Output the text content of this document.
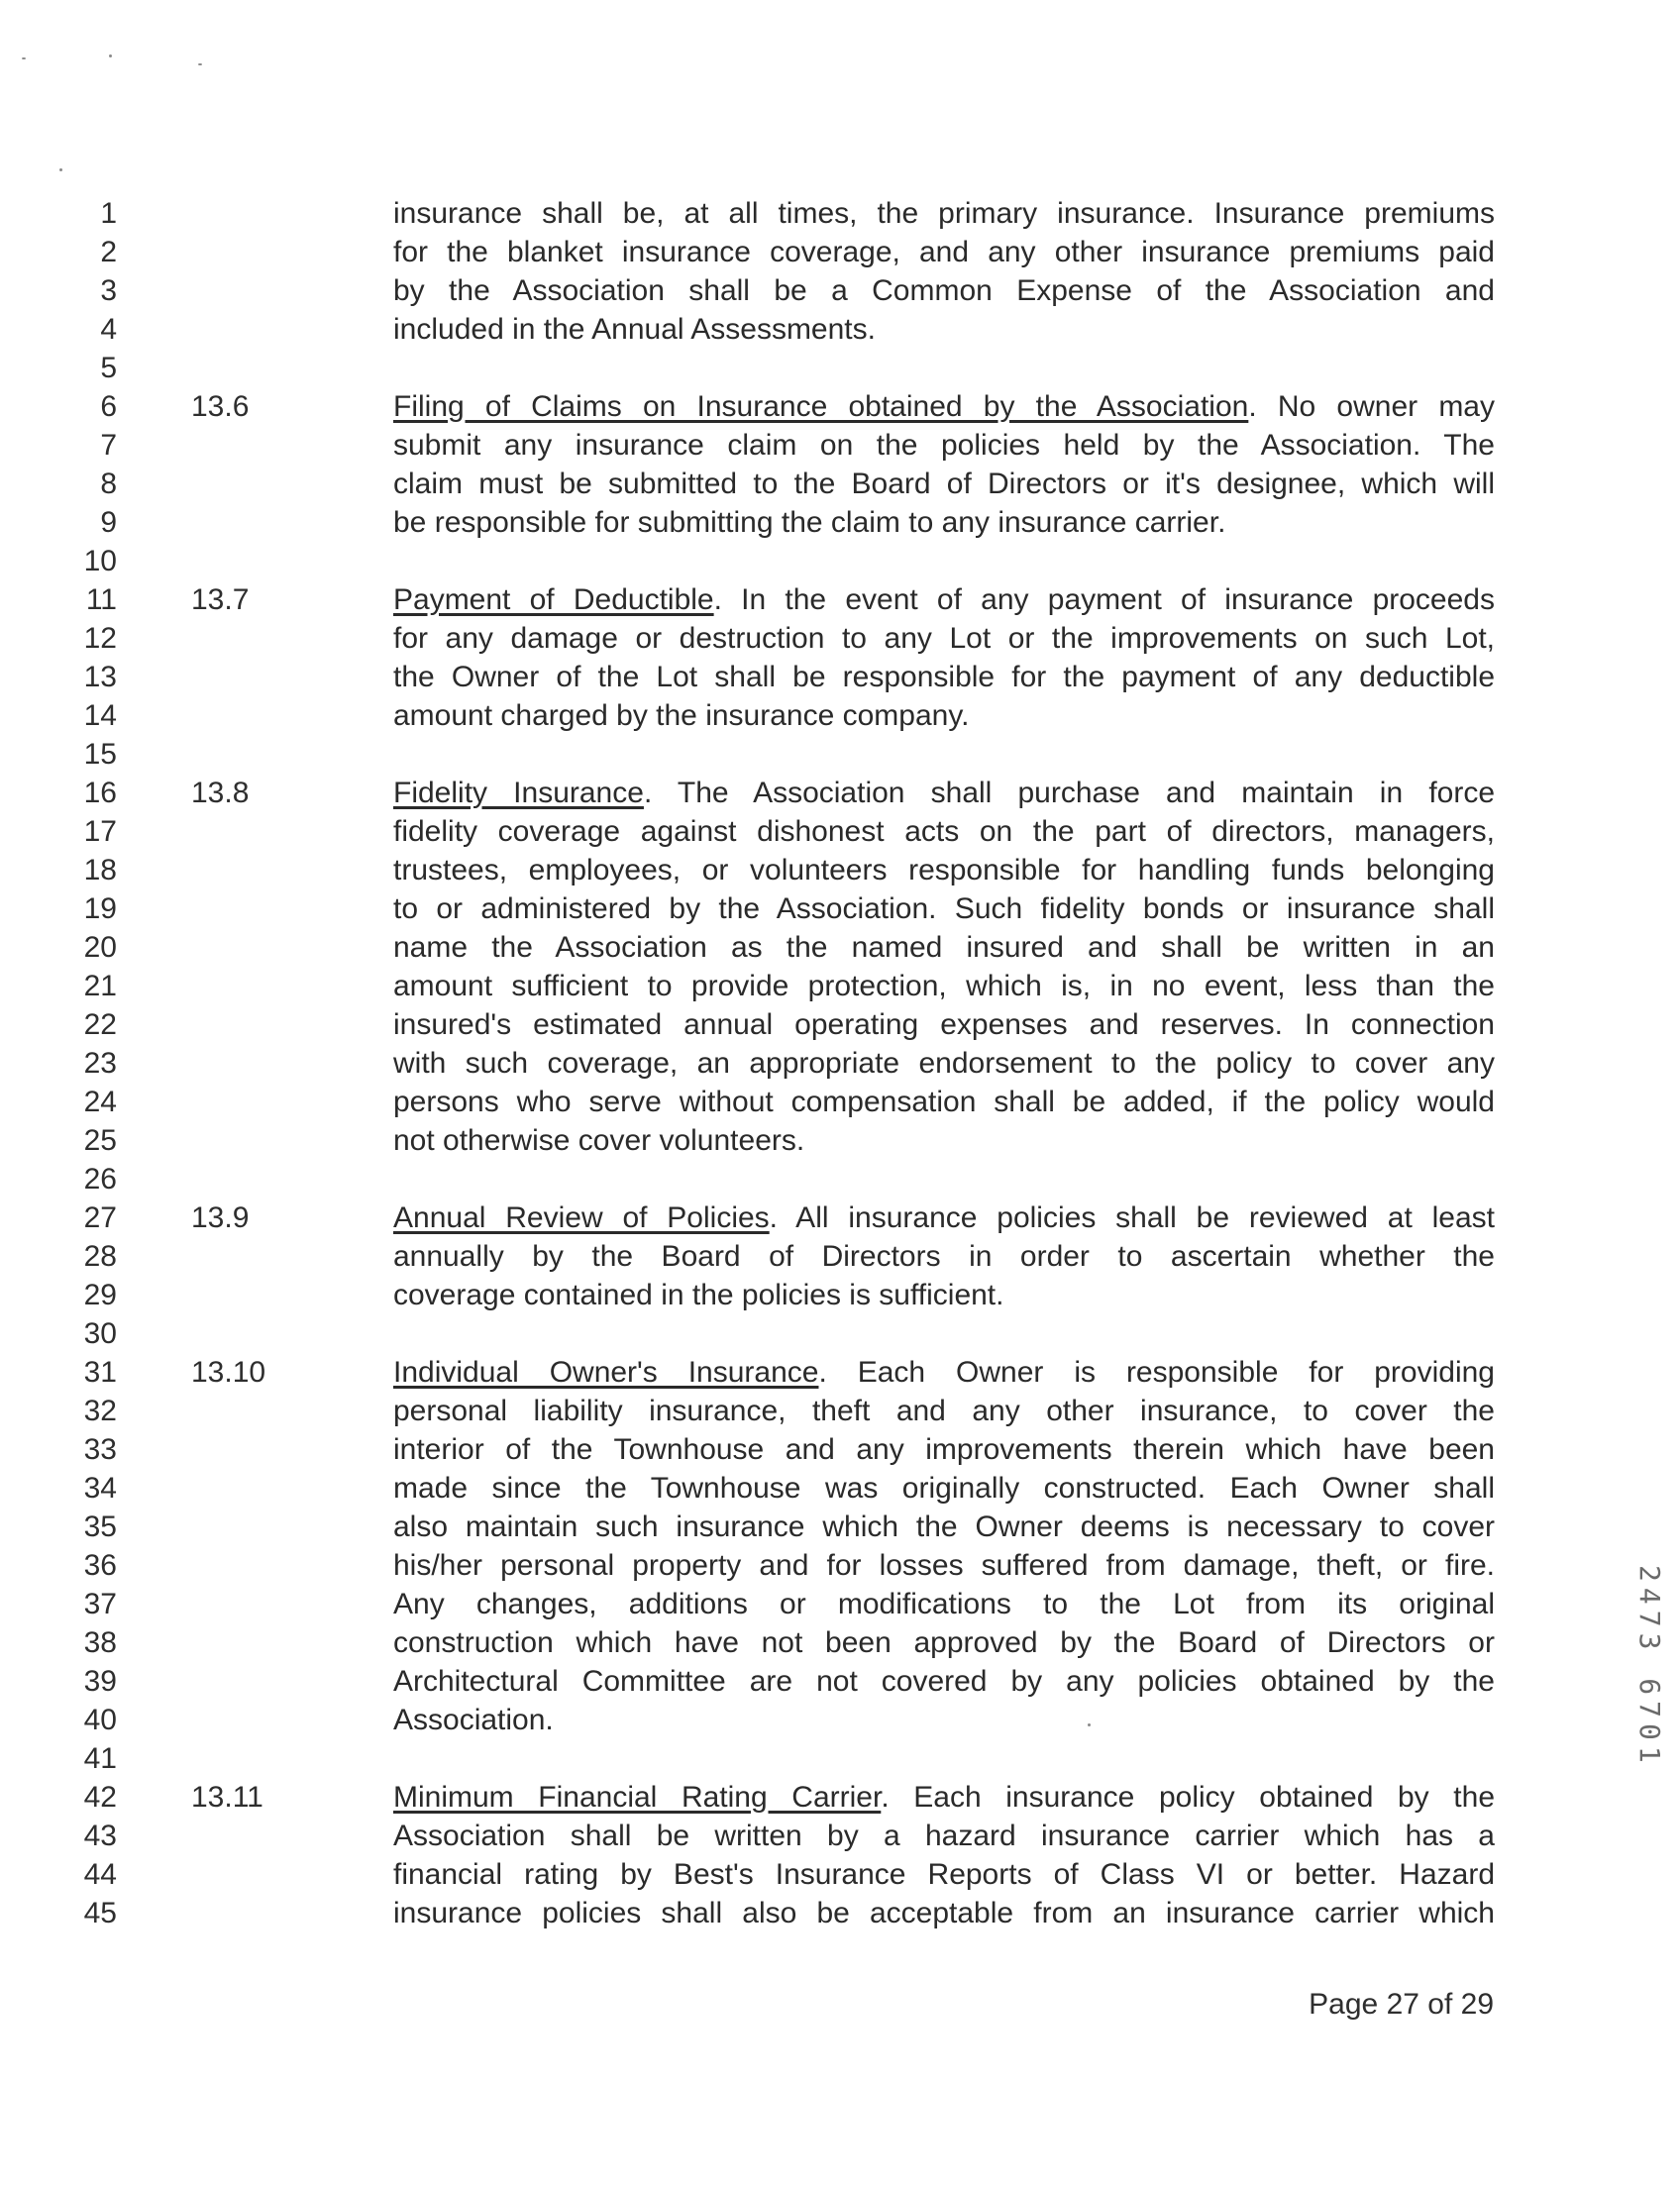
1
2
3
4
5
6
7
8
9
10
11
12
13
14
15
16
17
18
19
20
21
22
23
24
25
26
27
28
29
30
31
32
33
34
35
36
37
38
39
40
41
42
43
44
45
insurance shall be, at all times, the primary insurance. Insurance premiums
for the blanket insurance coverage, and any other insurance premiums paid
by the Association shall be a Common Expense of the Association and
included in the Annual Assessments.
13.6	Filing of Claims on Insurance obtained by the Association. No owner may
submit any insurance claim on the policies held by the Association. The
claim must be submitted to the Board of Directors or it's designee, which will
be responsible for submitting the claim to any insurance carrier.
13.7	Payment of Deductible. In the event of any payment of insurance proceeds
for any damage or destruction to any Lot or the improvements on such Lot,
the Owner of the Lot shall be responsible for the payment of any deductible
amount charged by the insurance company.
13.8	Fidelity Insurance. The Association shall purchase and maintain in force
fidelity coverage against dishonest acts on the part of directors, managers,
trustees, employees, or volunteers responsible for handling funds belonging
to or administered by the Association. Such fidelity bonds or insurance shall
name the Association as the named insured and shall be written in an
amount sufficient to provide protection, which is, in no event, less than the
insured's estimated annual operating expenses and reserves. In connection
with such coverage, an appropriate endorsement to the policy to cover any
persons who serve without compensation shall be added, if the policy would
not otherwise cover volunteers.
13.9	Annual Review of Policies. All insurance policies shall be reviewed at least
annually by the Board of Directors in order to ascertain whether the
coverage contained in the policies is sufficient.
13.10	Individual Owner's Insurance. Each Owner is responsible for providing
personal liability insurance, theft and any other insurance, to cover the
interior of the Townhouse and any improvements therein which have been
made since the Townhouse was originally constructed. Each Owner shall
also maintain such insurance which the Owner deems is necessary to cover
his/her personal property and for losses suffered from damage, theft, or fire.
Any changes, additions or modifications to the Lot from its original
construction which have not been approved by the Board of Directors or
Architectural Committee are not covered by any policies obtained by the
Association.
13.11	Minimum Financial Rating Carrier. Each insurance policy obtained by the
Association shall be written by a hazard insurance carrier which has a
financial rating by Best's Insurance Reports of Class VI or better. Hazard
insurance policies shall also be acceptable from an insurance carrier which
Page 27 of 29
2473 6701
